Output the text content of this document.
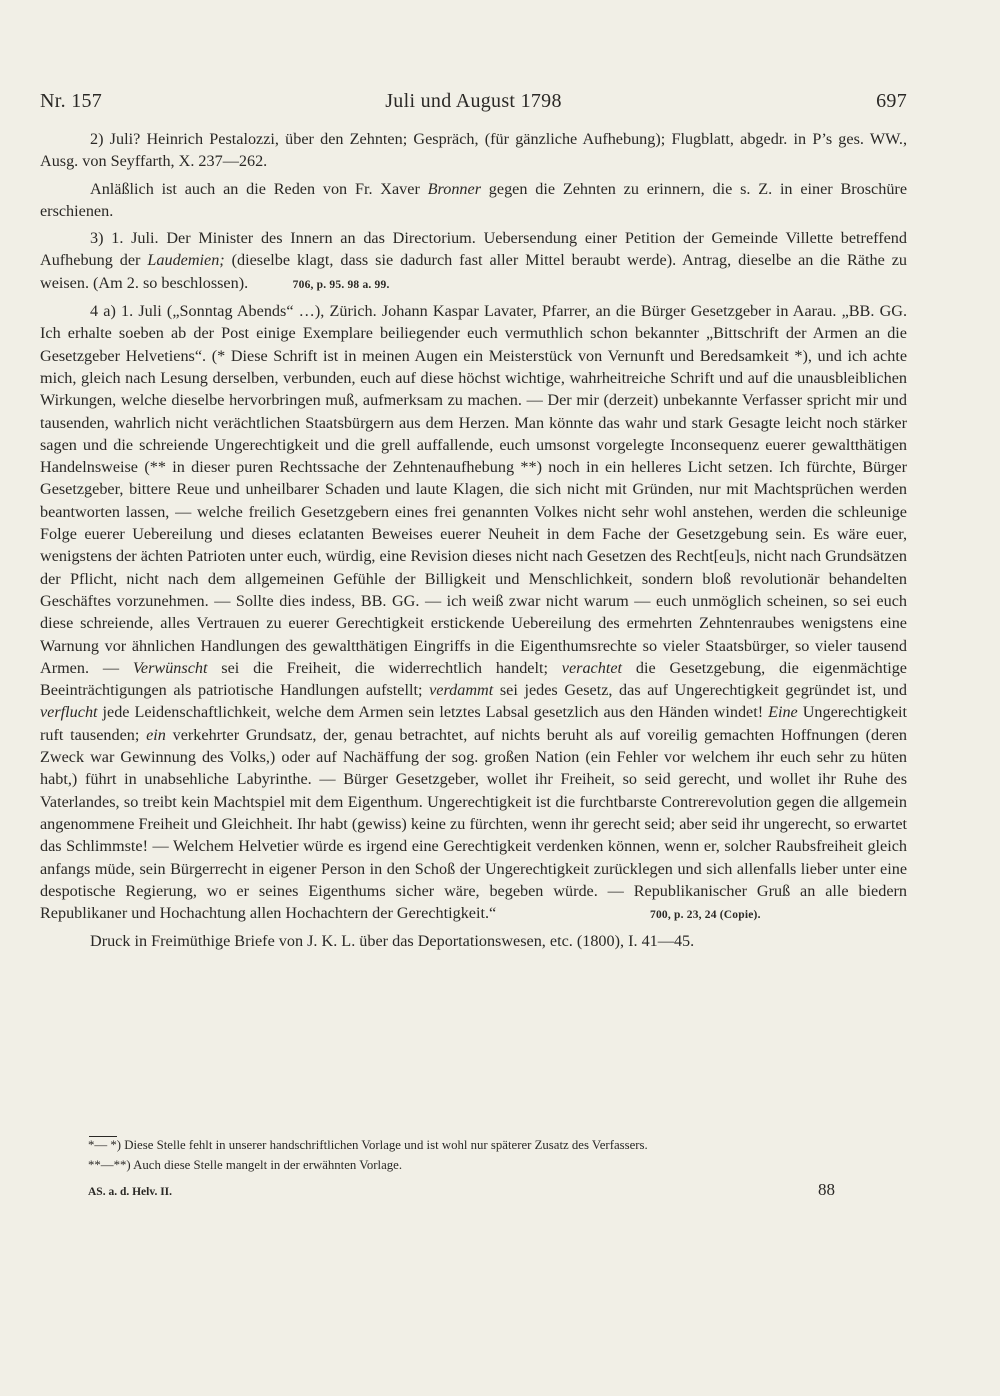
Nr. 157	Juli und August 1798	697

2) Juli? Heinrich Pestalozzi, über den Zehnten; Gespräch, (für gänzliche Aufhebung); Flugblatt, abgedr. in P’s ges. WW., Ausg. von Seyffarth, X. 237—262.

Anläßlich ist auch an die Reden von Fr. Xaver Bronner gegen die Zehnten zu erinnern, die s. Z. in einer Broschüre erschienen.

3) 1. Juli. Der Minister des Innern an das Directorium. Uebersendung einer Petition der Gemeinde Villette betreffend Aufhebung der Laudemien; (dieselbe klagt, dass sie dadurch fast aller Mittel beraubt werde). Antrag, dieselbe an die Räthe zu weisen. (Am 2. so beschlossen).	706, p. 95. 98 a. 99.

4 a) 1. Juli („Sonntag Abends“ …), Zürich. Johann Kaspar Lavater, Pfarrer, an die Bürger Gesetzgeber in Aarau. „BB. GG. Ich erhalte soeben ab der Post einige Exemplare beiliegender euch vermuthlich schon bekannter „Bittschrift der Armen an die Gesetzgeber Helvetiens“. (* Diese Schrift ist in meinen Augen ein Meisterstück von Vernunft und Beredsamkeit *), und ich achte mich, gleich nach Lesung derselben, verbunden, euch auf diese höchst wichtige, wahrheitreiche Schrift und auf die unausbleiblichen Wirkungen, welche dieselbe hervorbringen muß, aufmerksam zu machen. — Der mir (derzeit) unbekannte Verfasser spricht mir und tausenden, wahrlich nicht verächtlichen Staatsbürgern aus dem Herzen. Man könnte das wahr und stark Gesagte leicht noch stärker sagen und die schreiende Ungerechtigkeit und die grell auffallende, euch umsonst vorgelegte Inconsequenz euerer gewaltthätigen Handelnsweise (** in dieser puren Rechtssache der Zehntenaufhebung **) noch in ein helleres Licht setzen. Ich fürchte, Bürger Gesetzgeber, bittere Reue und unheilbarer Schaden und laute Klagen, die sich nicht mit Gründen, nur mit Machtsprüchen werden beantworten lassen, — welche freilich Gesetzgebern eines frei genannten Volkes nicht sehr wohl anstehen, werden die schleunige Folge euerer Uebereilung und dieses eclatanten Beweises euerer Neuheit in dem Fache der Gesetzgebung sein. Es wäre euer, wenigstens der ächten Patrioten unter euch, würdig, eine Revision dieses nicht nach Gesetzen des Recht[eu]s, nicht nach Grundsätzen der Pflicht, nicht nach dem allgemeinen Gefühle der Billigkeit und Menschlichkeit, sondern bloß revolutionär behandelten Geschäftes vorzunehmen. — Sollte dies indess, BB. GG. — ich weiß zwar nicht warum — euch unmöglich scheinen, so sei euch diese schreiende, alles Vertrauen zu euerer Gerechtigkeit erstickende Uebereilung des ermehrten Zehntenraubes wenigstens eine Warnung vor ähnlichen Handlungen des gewaltthätigen Eingriffs in die Eigenthumsrechte so vieler Staatsbürger, so vieler tausend Armen. — Verwünscht sei die Freiheit, die widerrechtlich handelt; verachtet die Gesetzgebung, die eigenmächtige Beeinträchtigungen als patriotische Handlungen aufstellt; verdammt sei jedes Gesetz, das auf Ungerechtigkeit gegründet ist, und verflucht jede Leidenschaftlichkeit, welche dem Armen sein letztes Labsal gesetzlich aus den Händen windet! Eine Ungerechtigkeit ruft tausenden; ein verkehrter Grundsatz, der, genau betrachtet, auf nichts beruht als auf voreilig gemachten Hoffnungen (deren Zweck war Gewinnung des Volks,) oder auf Nachäffung der sog. großen Nation (ein Fehler vor welchem ihr euch sehr zu hüten habt,) führt in unabsehliche Labyrinthe. — Bürger Gesetzgeber, wollet ihr Freiheit, so seid gerecht, und wollet ihr Ruhe des Vaterlandes, so treibt kein Machtspiel mit dem Eigenthum. Ungerechtigkeit ist die furchtbarste Contrerevolution gegen die allgemein angenommene Freiheit und Gleichheit. Ihr habt (gewiss) keine zu fürchten, wenn ihr gerecht seid; aber seid ihr ungerecht, so erwartet das Schlimmste! — Welchem Helvetier würde es irgend eine Gerechtigkeit verdenken können, wenn er, solcher Raubsfreiheit gleich anfangs müde, sein Bürgerrecht in eigener Person in den Schoß der Ungerechtigkeit zurücklegen und sich allenfalls lieber unter eine despotische Regierung, wo er seines Eigenthums sicher wäre, begeben würde. — Republikanischer Gruß an alle biedern Republikaner und Hochachtung allen Hochachtern der Gerechtigkeit.“	700, p. 23, 24 (Copie).

Druck in Freimüthige Briefe von J. K. L. über das Deportationswesen, etc. (1800), I. 41—45.

*— *) Diese Stelle fehlt in unserer handschriftlichen Vorlage und ist wohl nur späterer Zusatz des Verfassers.

**—**) Auch diese Stelle mangelt in der erwähnten Vorlage.

AS. a. d. Helv. II.	88
